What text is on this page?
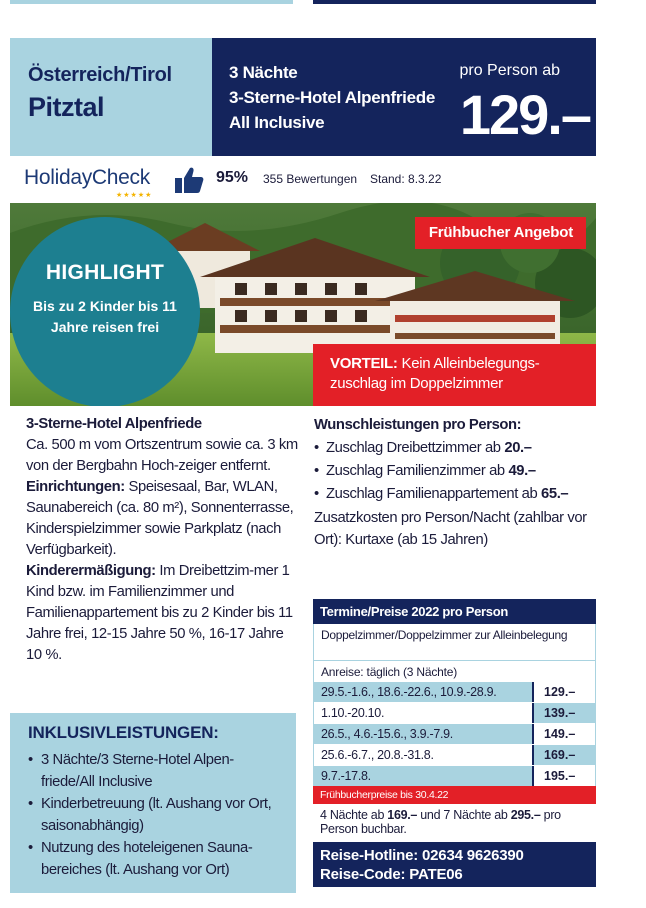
Österreich/Tirol
Pitztal
3 Nächte
3-Sterne-Hotel Alpenfriede
All Inclusive
pro Person ab
129.–
HolidayCheck
★★★★★
95% 355 Bewertungen Stand: 8.3.22
Frühbucher Angebot
HIGHLIGHT
Bis zu 2 Kinder bis 11 Jahre reisen frei
VORTEIL: Kein Alleinbelegungs-zuschlag im Doppelzimmer

3-Sterne-Hotel Alpenfriede

Ca. 500 m vom Ortszentrum sowie ca. 3 km von der Bergbahn Hoch-zeiger entfernt.

Einrichtungen: Speisesaal, Bar, WLAN, Saunabereich (ca. 80 m²), Sonnenterrasse, Kinderspielzimmer sowie Parkplatz (nach Verfügbarkeit).

Kinderermäßigung: Im Dreibettzim-mer 1 Kind bzw. im Familienzimmer und Familienappartement bis zu 2 Kinder bis 11 Jahre frei, 12-15 Jahre 50 %, 16-17 Jahre 10 %.

Wunschleistungen pro Person:
• Zuschlag Dreibettzimmer ab 20.–
• Zuschlag Familienzimmer ab 49.–
• Zuschlag Familienappartement ab 65.–
Zusatzkosten pro Person/Nacht (zahlbar vor Ort): Kurtaxe (ab 15 Jahren)
INKLUSIVLEISTUNGEN:
• 3 Nächte/3 Sterne-Hotel Alpen-friede/All Inclusive
• Kinderbetreuung (lt. Aushang vor Ort, saisonabhängig)
• Nutzung des hoteleigenen Sauna-bereiches (lt. Aushang vor Ort)
Termine/Preise 2022 pro Person
Doppelzimmer/Doppelzimmer zur Alleinbelegung
Anreise: täglich (3 Nächte)
29.5.-1.6., 18.6.-22.6., 10.9.-28.9.	129.–
1.10.-20.10.	139.–
26.5., 4.6.-15.6., 3.9.-7.9.	149.–
25.6.-6.7., 20.8.-31.8.	169.–
9.7.-17.8.	195.–
Frühbucherpreise bis 30.4.22
4 Nächte ab 169.– und 7 Nächte ab 295.– pro Person buchbar.
Reise-Hotline: 02634 9626390
Reise-Code: PATE06
